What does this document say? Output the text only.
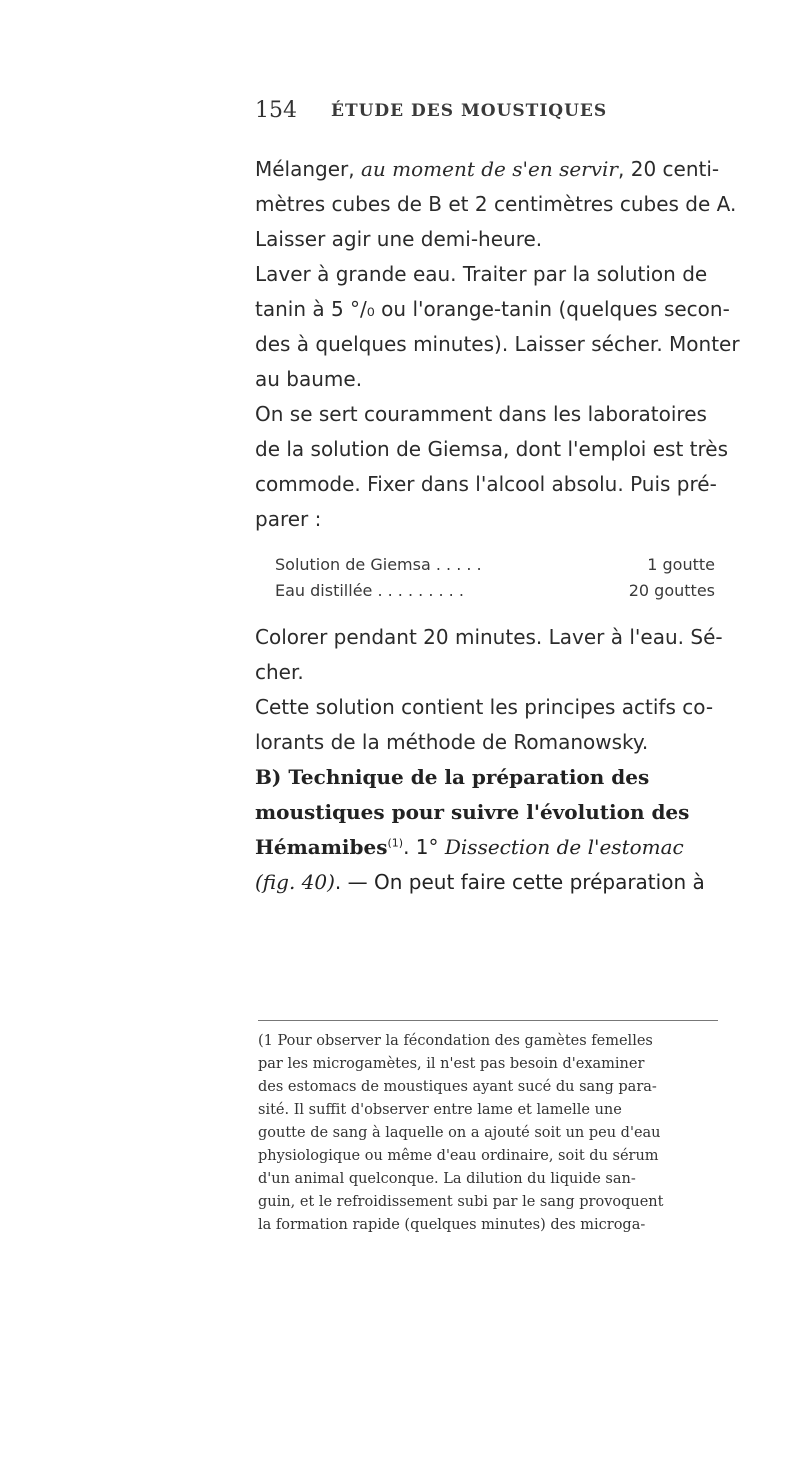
154 ÉTUDE DES MOUSTIQUES
Mélanger, au moment de s'en servir, 20 centi-
mètres cubes de B et 2 centimètres cubes de A.
Laisser agir une demi-heure.
Laver à grande eau. Traiter par la solution de
tanin à 5 °/₀ ou l'orange-tanin (quelques secon-
des à quelques minutes). Laisser sécher. Monter
au baume.
On se sert couramment dans les laboratoires
de la solution de Giemsa, dont l'emploi est très
commode. Fixer dans l'alcool absolu. Puis pré-
parer :
Solution de Giemsa . . . . .	1 goutte
Eau distillée . . . . . . . . .	20 gouttes
Colorer pendant 20 minutes. Laver à l'eau. Sé-
cher.
Cette solution contient les principes actifs co-
lorants de la méthode de Romanowsky.
B) Technique de la préparation des
moustiques pour suivre l'évolution des
Hémamibes$^{(1)}$. 1° Dissection de l'estomac
(fig. 40). — On peut faire cette préparation à
(1 Pour observer la fécondation des gamètes femelles
par les microgamètes, il n'est pas besoin d'examiner
des estomacs de moustiques ayant sucé du sang para-
sité. Il suffit d'observer entre lame et lamelle une
goutte de sang à laquelle on a ajouté soit un peu d'eau
physiologique ou même d'eau ordinaire, soit du sérum
d'un animal quelconque. La dilution du liquide san-
guin, et le refroidissement subi par le sang provoquent
la formation rapide (quelques minutes) des microga-
